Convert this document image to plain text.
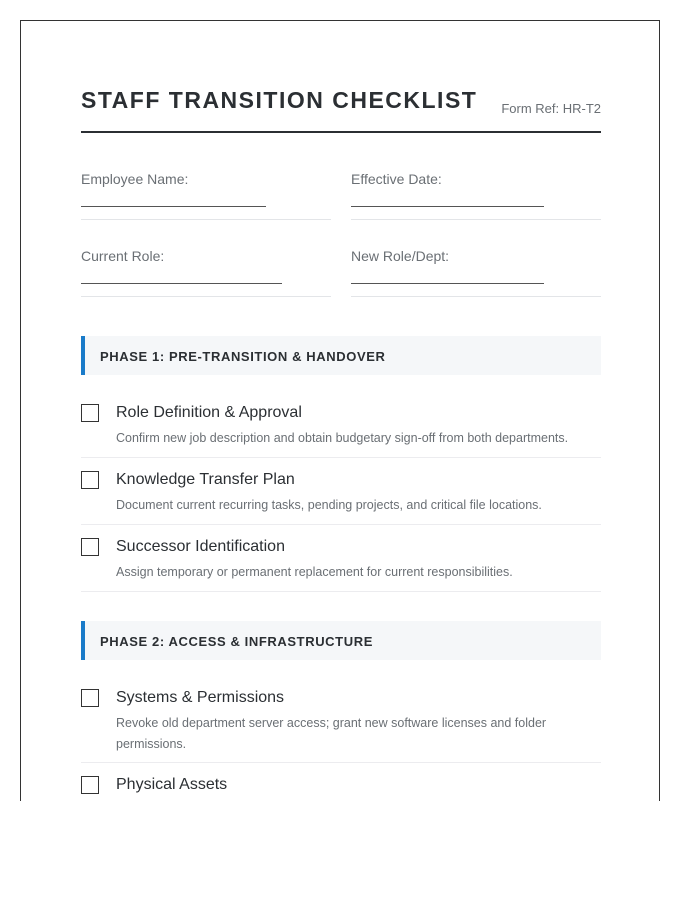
STAFF TRANSITION CHECKLIST Form Ref: HR-T2
Employee Name:	Effective Date:
Current Role:	New Role/Dept:
PHASE 1: PRE-TRANSITION & HANDOVER
Role Definition & Approval
Confirm new job description and obtain budgetary sign-off from both departments.
Knowledge Transfer Plan
Document current recurring tasks, pending projects, and critical file locations.
Successor Identification
Assign temporary or permanent replacement for current responsibilities.
PHASE 2: ACCESS & INFRASTRUCTURE
Systems & Permissions
Revoke old department server access; grant new software licenses and folder permissions.
Physical Assets
